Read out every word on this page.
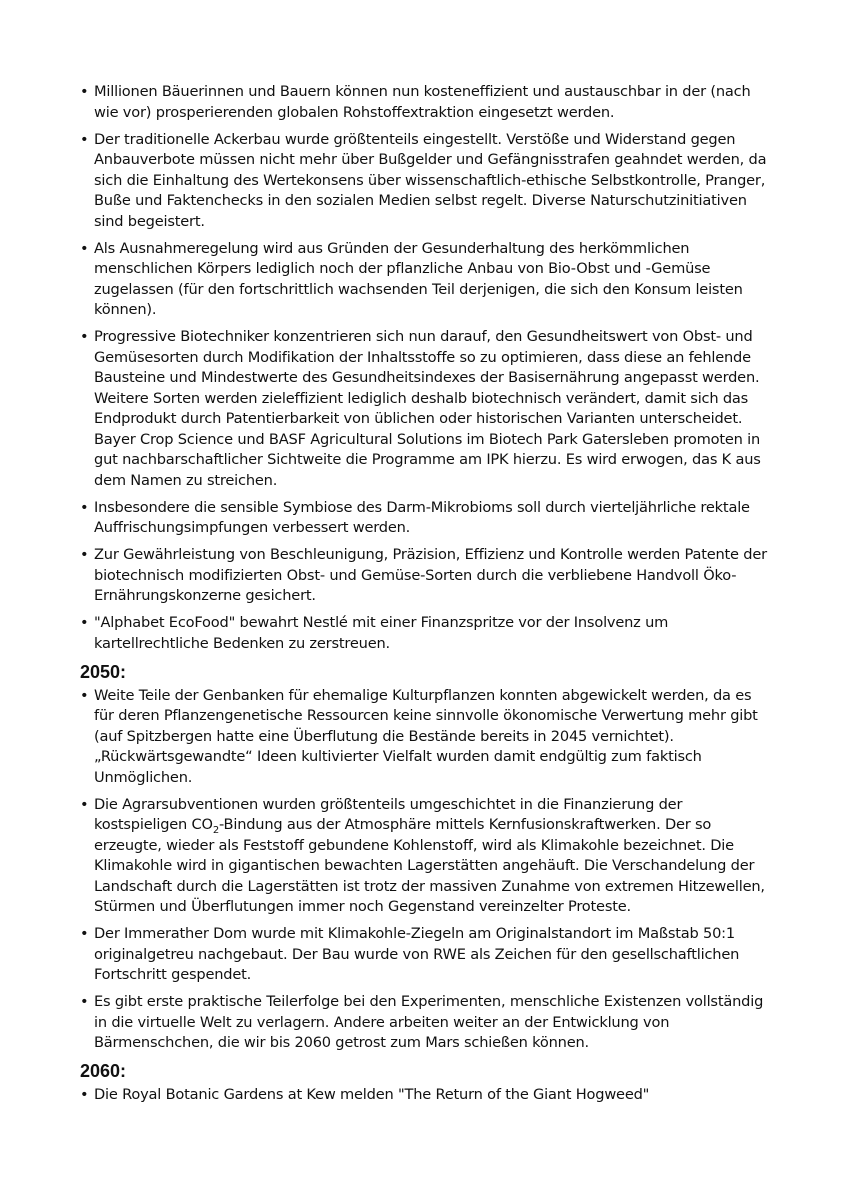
• Millionen Bäuerinnen und Bauern können nun kosteneffizient und austauschbar in der (nach wie vor) prosperierenden globalen Rohstoffextraktion eingesetzt werden.
• Der traditionelle Ackerbau wurde größtenteils eingestellt. Verstöße und Widerstand gegen Anbauverbote müssen nicht mehr über Bußgelder und Gefängnisstrafen geahndet werden, da sich die Einhaltung des Wertekonsens über wissenschaftlich-ethische Selbstkontrolle, Pranger, Buße und Faktenchecks in den sozialen Medien selbst regelt. Diverse Naturschutzinitiativen sind begeistert.
• Als Ausnahmeregelung wird aus Gründen der Gesunderhaltung des herkömmlichen menschlichen Körpers lediglich noch der pflanzliche Anbau von Bio-Obst und -Gemüse zugelassen (für den fortschrittlich wachsenden Teil derjenigen, die sich den Konsum leisten können).
• Progressive Biotechniker konzentrieren sich nun darauf, den Gesundheitswert von Obst- und Gemüsesorten durch Modifikation der Inhaltsstoffe so zu optimieren, dass diese an fehlende Bausteine und Mindestwerte des Gesundheitsindexes der Basisernährung angepasst werden. Weitere Sorten werden zieleffizient lediglich deshalb biotechnisch verändert, damit sich das Endprodukt durch Patentierbarkeit von üblichen oder historischen Varianten unterscheidet. Bayer Crop Science und BASF Agricultural Solutions im Biotech Park Gatersleben promoten in gut nachbarschaftlicher Sichtweite die Programme am IPK hierzu. Es wird erwogen, das K aus dem Namen zu streichen.
• Insbesondere die sensible Symbiose des Darm-Mikrobioms soll durch vierteljährliche rektale Auffrischungsimpfungen verbessert werden.
• Zur Gewährleistung von Beschleunigung, Präzision, Effizienz und Kontrolle werden Patente der biotechnisch modifizierten Obst- und Gemüse-Sorten durch die verbliebene Handvoll Öko-Ernährungskonzerne gesichert.
• "Alphabet EcoFood" bewahrt Nestlé mit einer Finanzspritze vor der Insolvenz um kartellrechtliche Bedenken zu zerstreuen.
2050:
• Weite Teile der Genbanken für ehemalige Kulturpflanzen konnten abgewickelt werden, da es für deren Pflanzengenetische Ressourcen keine sinnvolle ökonomische Verwertung mehr gibt (auf Spitzbergen hatte eine Überflutung die Bestände bereits in 2045 vernichtet). „Rückwärtsgewandte“ Ideen kultivierter Vielfalt wurden damit endgültig zum faktisch Unmöglichen.
• Die Agrarsubventionen wurden größtenteils umgeschichtet in die Finanzierung der kostspieligen $CO_2$-Bindung aus der Atmosphäre mittels Kernfusionskraftwerken. Der so erzeugte, wieder als Feststoff gebundene Kohlenstoff, wird als Klimakohle bezeichnet. Die Klimakohle wird in gigantischen bewachten Lagerstätten angehäuft. Die Verschandelung der Landschaft durch die Lagerstätten ist trotz der massiven Zunahme von extremen Hitzewellen, Stürmen und Überflutungen immer noch Gegenstand vereinzelter Proteste.
• Der Immerather Dom wurde mit Klimakohle-Ziegeln am Originalstandort im Maßstab 50:1 originalgetreu nachgebaut. Der Bau wurde von RWE als Zeichen für den gesellschaftlichen Fortschritt gespendet.
• Es gibt erste praktische Teilerfolge bei den Experimenten, menschliche Existenzen vollständig in die virtuelle Welt zu verlagern. Andere arbeiten weiter an der Entwicklung von Bärmenschchen, die wir bis 2060 getrost zum Mars schießen können.
2060:
• Die Royal Botanic Gardens at Kew melden "The Return of the Giant Hogweed"
